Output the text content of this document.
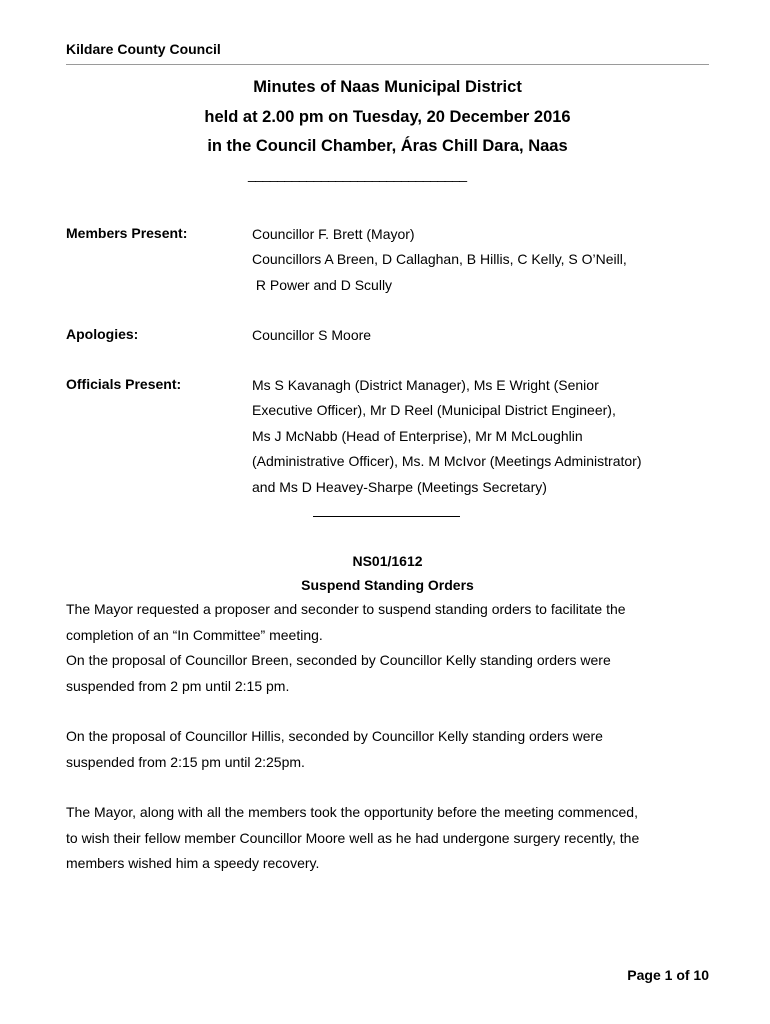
Kildare County Council
Minutes of Naas Municipal District
held at 2.00 pm on Tuesday, 20 December 2016
in the Council Chamber, Áras Chill Dara, Naas
______________________________
Members Present:	Councillor F. Brett (Mayor)
Councillors A Breen, D Callaghan, B Hillis, C Kelly, S O’Neill,
R Power and D Scully
Apologies:	Councillor S Moore
Officials Present:	Ms S Kavanagh (District Manager), Ms E Wright (Senior
Executive Officer), Mr D Reel (Municipal District Engineer),
Ms J McNabb (Head of Enterprise), Mr M McLoughlin
(Administrative Officer), Ms. M McIvor (Meetings Administrator)
and Ms D Heavey-Sharpe (Meetings Secretary)
NS01/1612
Suspend Standing Orders
The Mayor requested a proposer and seconder to suspend standing orders to facilitate the
completion of an “In Committee” meeting.
On the proposal of Councillor Breen, seconded by Councillor Kelly standing orders were
suspended from 2 pm until 2:15 pm.
On the proposal of Councillor Hillis, seconded by Councillor Kelly standing orders were
suspended from 2:15 pm until 2:25pm.
The Mayor, along with all the members took the opportunity before the meeting commenced,
to wish their fellow member Councillor Moore well as he had undergone surgery recently, the
members wished him a speedy recovery.
Page 1 of 10
